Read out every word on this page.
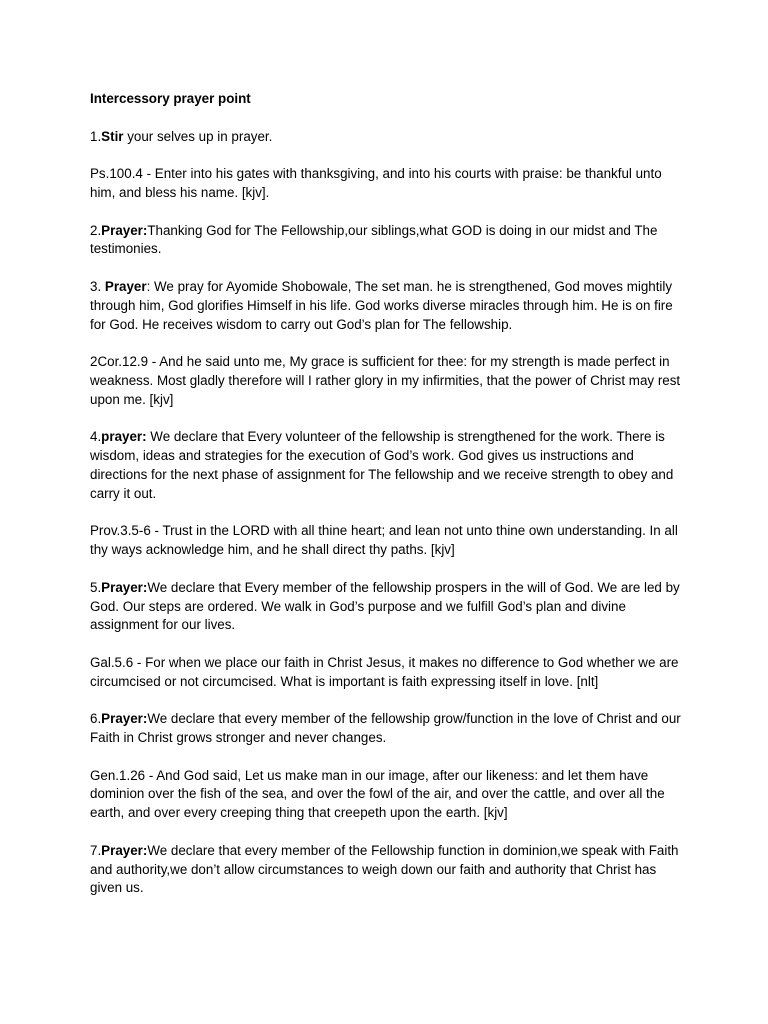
Intercessory prayer point

1.Stir your selves up in prayer.

Ps.100.4 - Enter into his gates with thanksgiving, and into his courts with praise: be thankful unto him, and bless his name. [kjv].

2.Prayer:Thanking God for The Fellowship,our siblings,what GOD is doing in our midst and The testimonies.

3. Prayer: We pray for Ayomide Shobowale, The set man. he is strengthened, God moves mightily through him, God glorifies Himself in his life. God works diverse miracles through him. He is on fire for God. He receives wisdom to carry out God’s plan for The fellowship.

2Cor.12.9 - And he said unto me, My grace is sufficient for thee: for my strength is made perfect in weakness. Most gladly therefore will I rather glory in my infirmities, that the power of Christ may rest upon me. [kjv]

4.prayer: We declare that Every volunteer of the fellowship is strengthened for the work. There is wisdom, ideas and strategies for the execution of God’s work. God gives us instructions and directions for the next phase of assignment for The fellowship and we receive strength to obey and carry it out.

Prov.3.5-6 - Trust in the LORD with all thine heart; and lean not unto thine own understanding. In all thy ways acknowledge him, and he shall direct thy paths. [kjv]

5.Prayer:We declare that Every member of the fellowship prospers in the will of God. We are led by God. Our steps are ordered. We walk in God’s purpose and we fulfill God’s plan and divine assignment for our lives.

Gal.5.6 - For when we place our faith in Christ Jesus, it makes no difference to God whether we are circumcised or not circumcised. What is important is faith expressing itself in love. [nlt]

6.Prayer:We declare that every member of the fellowship grow/function in the love of Christ and our Faith in Christ grows stronger and never changes.

Gen.1.26 - And God said, Let us make man in our image, after our likeness: and let them have dominion over the fish of the sea, and over the fowl of the air, and over the cattle, and over all the earth, and over every creeping thing that creepeth upon the earth. [kjv]

7.Prayer:We declare that every member of the Fellowship function in dominion,we speak with Faith and authority,we don’t allow circumstances to weigh down our faith and authority that Christ has given us.
